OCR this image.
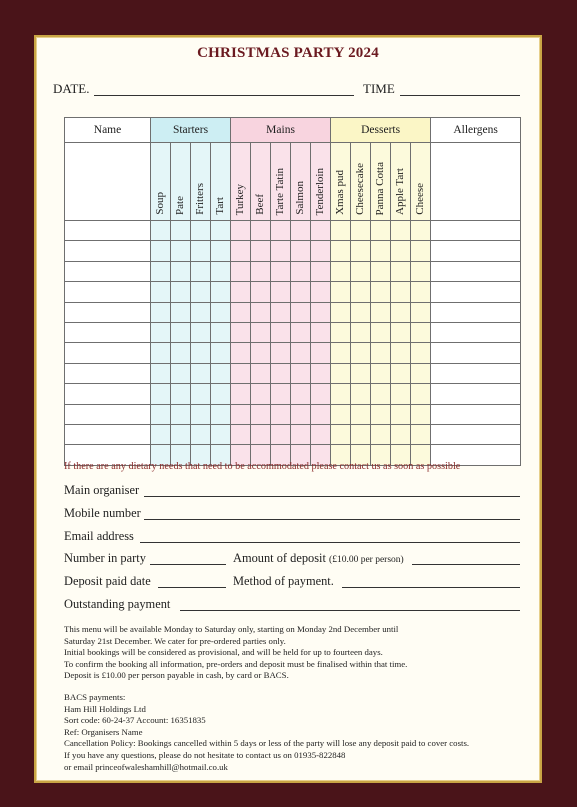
CHRISTMAS PARTY 2024
DATE.	TIME
Name	Starters				Mains					Desserts					Allergens
	Soup	Pate	Fritters	Tart	Turkey	Beef	Tarte Tatin	Salmon	Tenderloin	Xmas pud	Cheesecake	Panna Cotta	Apple Tart	Cheese	

If there are any dietary needs that need to be accommodated please contact us as soon as possible
Main organiser
Mobile number
Email address
Number in party	Amount of deposit (£10.00 per person)
Deposit paid date	Method of payment.
Outstanding payment
This menu will be available Monday to Saturday only, starting on Monday 2nd December until
Saturday 21st December. We cater for pre-ordered parties only.
Initial bookings will be considered as provisional, and will be held for up to fourteen days.
To confirm the booking all information, pre-orders and deposit must be finalised within that time.
Deposit is £10.00 per person payable in cash, by card or BACS.
BACS payments:
Ham Hill Holdings Ltd
Sort code: 60-24-37 Account: 16351835
Ref: Organisers Name
Cancellation Policy: Bookings cancelled within 5 days or less of the party will lose any deposit paid to cover costs.
If you have any questions, please do not hesitate to contact us on 01935-822848
or email princeofwaleshamhill@hotmail.co.uk
